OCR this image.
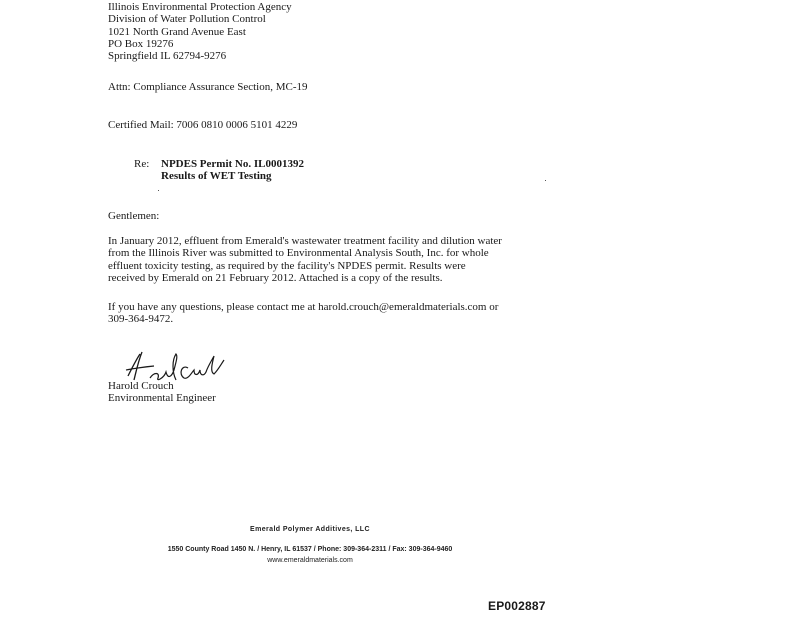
Illinois Environmental Protection Agency
Division of Water Pollution Control
1021 North Grand Avenue East
PO Box 19276
Springfield IL 62794-9276
Attn: Compliance Assurance Section, MC-19
Certified Mail: 7006 0810 0006 5101 4229
Re: NPDES Permit No. IL0001392
Results of WET Testing
Gentlemen:
In January 2012, effluent from Emerald's wastewater treatment facility and dilution water
from the Illinois River was submitted to Environmental Analysis South, Inc. for whole
effluent toxicity testing, as required by the facility's NPDES permit. Results were
received by Emerald on 21 February 2012. Attached is a copy of the results.
If you have any questions, please contact me at harold.crouch@emeraldmaterials.com or
309-364-9472.
Harold Crouch
Environmental Engineer
Emerald Polymer Additives, LLC
1550 County Road 1450 N. / Henry, IL 61537 / Phone: 309-364-2311 / Fax: 309-364-9460
www.emeraldmaterials.com
EP002887
